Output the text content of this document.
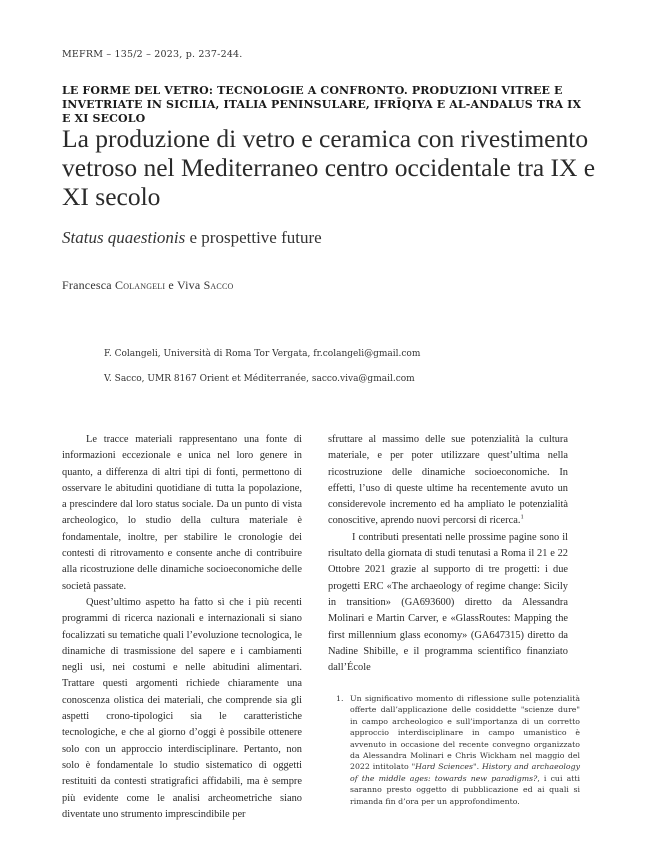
MEFRM – 135/2 – 2023, p. 237-244.
LE FORME DEL VETRO: TECNOLOGIE A CONFRONTO. PRODUZIONI VITREE E INVETRIATE IN SICILIA, ITALIA PENINSULARE, IFRĪQIYA E AL-ANDALUS TRA IX E XI SECOLO
La produzione di vetro e ceramica con rivestimento vetroso nel Mediterraneo centro occidentale tra IX e XI secolo
Status quaestionis e prospettive future
Francesca Colangeli e Viva Sacco
F. Colangeli, Università di Roma Tor Vergata, fr.colangeli@gmail.com
V. Sacco, UMR 8167 Orient et Méditerranée, sacco.viva@gmail.com

Le tracce materiali rappresentano una fonte di informazioni eccezionale e unica nel loro genere in quanto, a differenza di altri tipi di fonti, permettono di osservare le abitudini quotidiane di tutta la popolazione, a prescindere dal loro status sociale. Da un punto di vista archeologico, lo studio della cultura materiale è fondamentale, inoltre, per stabilire le cronologie dei contesti di ritrovamento e consente anche di contribuire alla ricostruzione delle dinamiche socioeconomiche delle società passate.

Quest’ultimo aspetto ha fatto sì che i più recenti programmi di ricerca nazionali e internazionali si siano focalizzati su tematiche quali l’evoluzione tecnologica, le dinamiche di trasmissione del sapere e i cambiamenti negli usi, nei costumi e nelle abitudini alimentari. Trattare questi argomenti richiede chiaramente una conoscenza olistica dei materiali, che comprende sia gli aspetti crono-tipologici sia le caratteristiche tecnologiche, e che al giorno d’oggi è possibile ottenere solo con un approccio interdisciplinare. Pertanto, non solo è fondamentale lo studio sistematico di oggetti restituiti da contesti stratigrafici affidabili, ma è sempre più evidente come le analisi archeometriche siano diventate uno strumento imprescindibile per

sfruttare al massimo delle sue potenzialità la cultura materiale, e per poter utilizzare quest’ultima nella ricostruzione delle dinamiche socioeconomiche. In effetti, l’uso di queste ultime ha recentemente avuto un considerevole incremento ed ha ampliato le potenzialità conoscitive, aprendo nuovi percorsi di ricerca.$^1$

I contributi presentati nelle prossime pagine sono il risultato della giornata di studi tenutasi a Roma il 21 e 22 Ottobre 2021 grazie al supporto di tre progetti: i due progetti ERC «The archaeology of regime change: Sicily in transition» (GA693600) diretto da Alessandra Molinari e Martin Carver, e «GlassRoutes: Mapping the first millennium glass economy» (GA647315) diretto da Nadine Shibille, e il programma scientifico finanziato dall’École

1. Un significativo momento di riflessione sulle potenzialità offerte dall’applicazione delle cosiddette "scienze dure" in campo archeologico e sull’importanza di un corretto approccio interdisciplinare in campo umanistico è avvenuto in occasione del recente convegno organizzato da Alessandra Molinari e Chris Wickham nel maggio del 2022 intitolato "Hard Sciences". History and archaeology of the middle ages: towards new paradigms?, i cui atti saranno presto oggetto di pubblicazione ed ai quali si rimanda fin d’ora per un approfondimento.
